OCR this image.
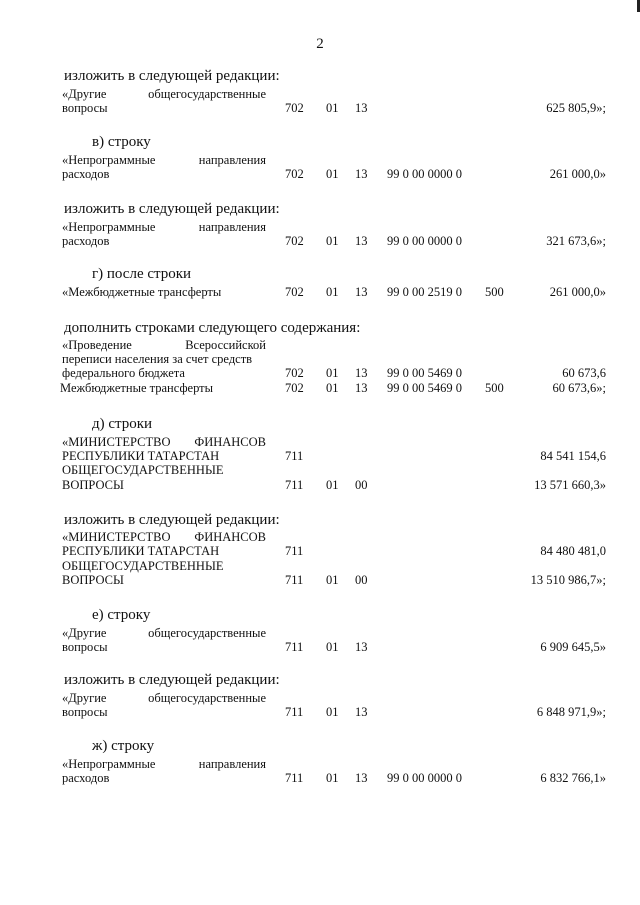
2
изложить в следующей редакции:
«Другие	общегосударственные
вопросы	702 01 13	625 805,9»;
в) строку
«Непрограммные	направления
расходов	702 01 13 99 0 00 0000 0	261 000,0»
изложить в следующей редакции:
«Непрограммные	направления
расходов	702 01 13 99 0 00 0000 0	321 673,6»;
г) после строки
«Межбюджетные трансферты	702 01 13 99 0 00 2519 0 500	261 000,0»
дополнить строками следующего содержания:
«Проведение	Всероссийской
переписи населения за счет средств
федерального бюджета	702 01 13 99 0 00 5469 0	60 673,6
Межбюджетные трансферты	702 01 13 99 0 00 5469 0 500	60 673,6»;
д) строки
«МИНИСТЕРСТВО ФИНАНСОВ
РЕСПУБЛИКИ ТАТАРСТАН	711	84 541 154,6
ОБЩЕГОСУДАРСТВЕННЫЕ
ВОПРОСЫ	711 01 00	13 571 660,3»
изложить в следующей редакции:
«МИНИСТЕРСТВО ФИНАНСОВ
РЕСПУБЛИКИ ТАТАРСТАН	711	84 480 481,0
ОБЩЕГОСУДАРСТВЕННЫЕ
ВОПРОСЫ	711 01 00	13 510 986,7»;
е) строку
«Другие	общегосударственные
вопросы	711 01 13	6 909 645,5»
изложить в следующей редакции:
«Другие	общегосударственные
вопросы	711 01 13	6 848 971,9»;
ж) строку
«Непрограммные	направления
расходов	711 01 13 99 0 00 0000 0	6 832 766,1»
